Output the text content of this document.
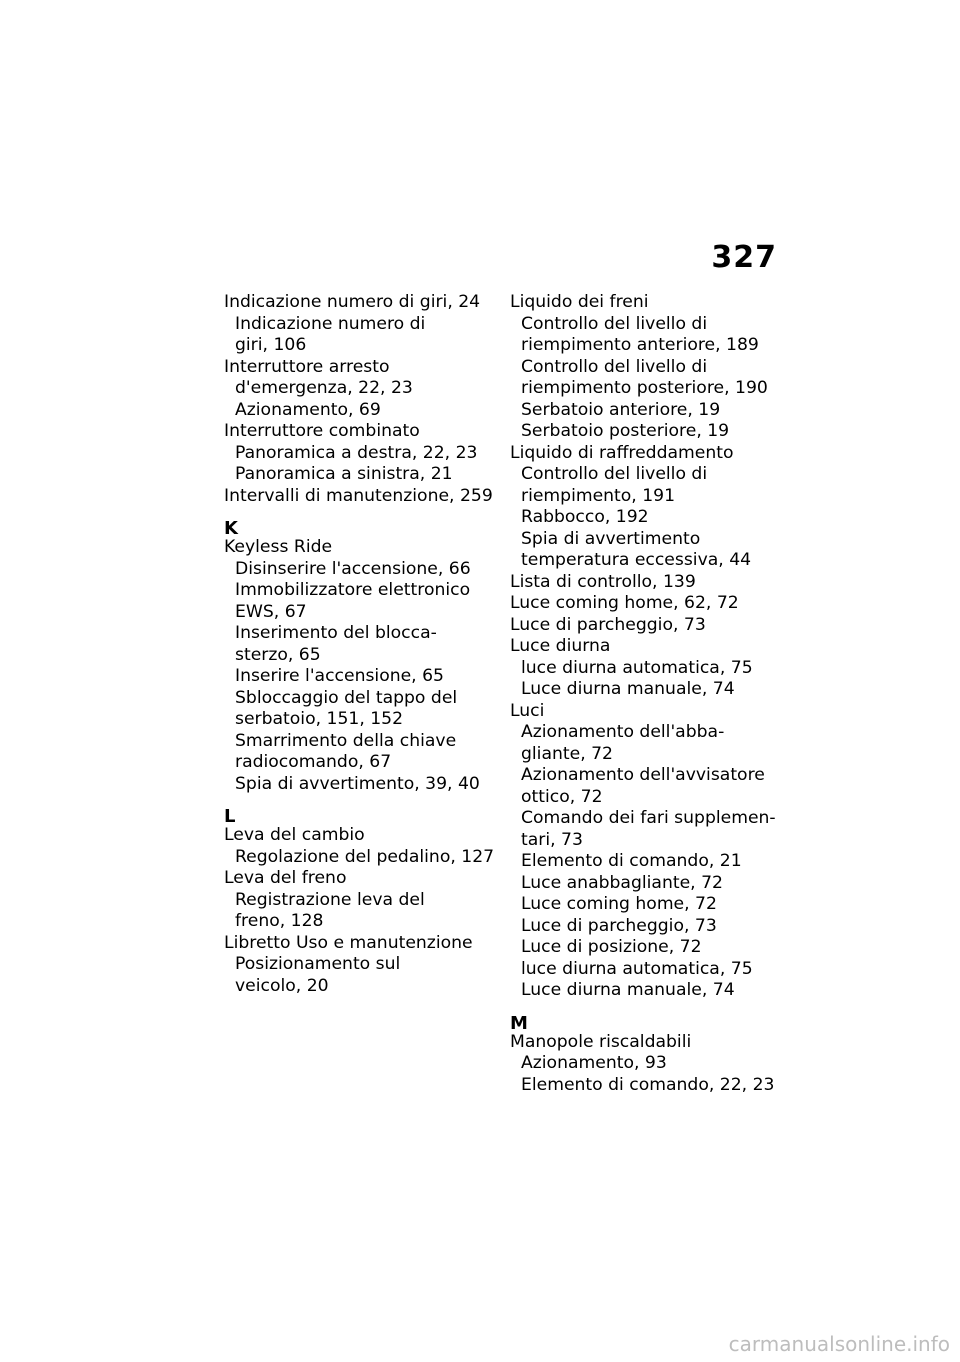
327
Indicazione numero di giri, 24
Indicazione numero di
giri, 106
Interruttore arresto
d'emergenza, 22, 23
Azionamento, 69
Interruttore combinato
Panoramica a destra, 22, 23
Panoramica a sinistra, 21
Intervalli di manutenzione, 259
K
Keyless Ride
Disinserire l'accensione, 66
Immobilizzatore elettronico
EWS, 67
Inserimento del blocca-
sterzo, 65
Inserire l'accensione, 65
Sbloccaggio del tappo del
serbatoio, 151, 152
Smarrimento della chiave
radiocomando, 67
Spia di avvertimento, 39, 40
L
Leva del cambio
Regolazione del pedalino, 127
Leva del freno
Registrazione leva del
freno, 128
Libretto Uso e manutenzione
Posizionamento sul
veicolo, 20
Liquido dei freni
Controllo del livello di
riempimento anteriore, 189
Controllo del livello di
riempimento posteriore, 190
Serbatoio anteriore, 19
Serbatoio posteriore, 19
Liquido di raffreddamento
Controllo del livello di
riempimento, 191
Rabbocco, 192
Spia di avvertimento
temperatura eccessiva, 44
Lista di controllo, 139
Luce coming home, 62, 72
Luce di parcheggio, 73
Luce diurna
luce diurna automatica, 75
Luce diurna manuale, 74
Luci
Azionamento dell'abba-
gliante, 72
Azionamento dell'avvisatore
ottico, 72
Comando dei fari supplemen-
tari, 73
Elemento di comando, 21
Luce anabbagliante, 72
Luce coming home, 72
Luce di parcheggio, 73
Luce di posizione, 72
luce diurna automatica, 75
Luce diurna manuale, 74
M
Manopole riscaldabili
Azionamento, 93
Elemento di comando, 22, 23
carmanualsonline.info
